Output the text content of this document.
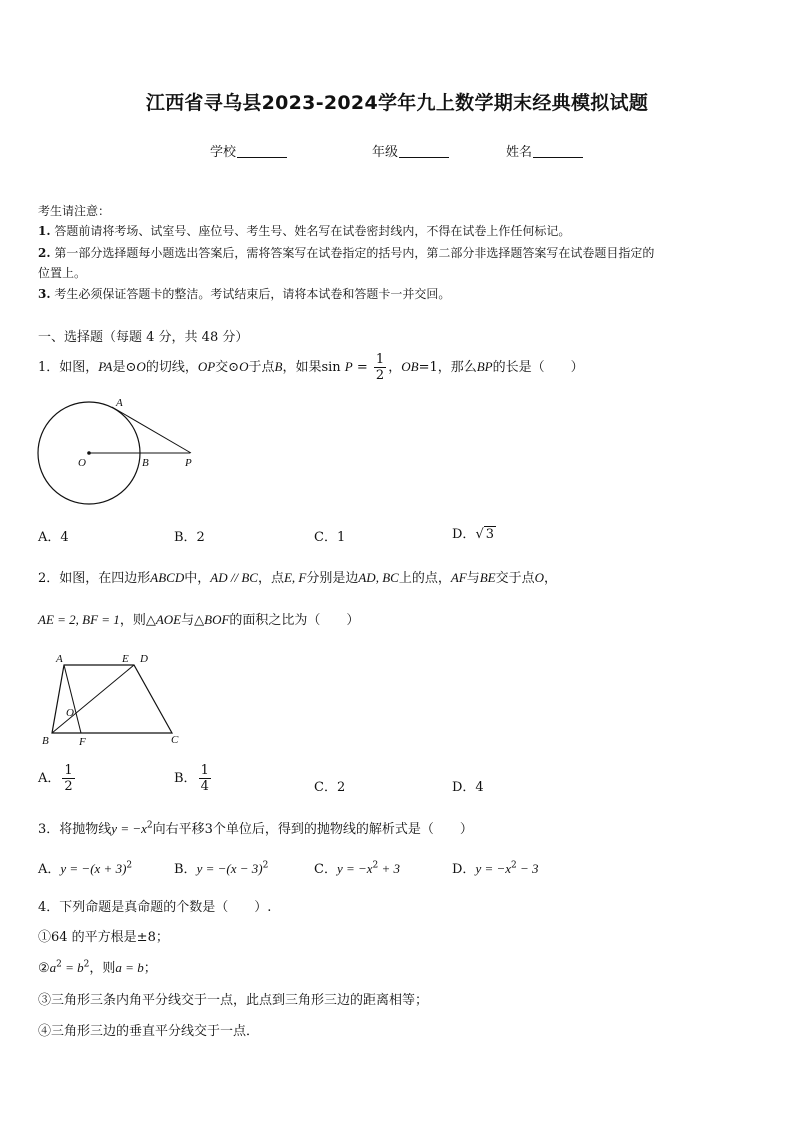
江西省寻乌县2023-2024学年九上数学期末经典模拟试题
学校	年级	姓名
考生请注意：
1. 答题前请将考场、试室号、座位号、考生号、姓名写在试卷密封线内，不得在试卷上作任何标记。
2. 第一部分选择题每小题选出答案后，需将答案写在试卷指定的括号内，第二部分非选择题答案写在试卷题目指定的
位置上。
3. 考生必须保证答题卡的整洁。考试结束后，请将本试卷和答题卡一并交回。
一、选择题（每题 4 分，共 48 分）
1．如图，PA是⊙O的切线，OP交⊙O于点B，如果$\sin P = \frac{1}{2}$ ，OB=1，那么BP的长是（　　）
A
O	B	P
A．4	B．2	C．1	D．√ 3
2．如图，在四边形ABCD中，AD // BC，点E, F分别是边AD, BC上的点，AF与BE交于点O，
AE = 2, BF = 1，则△AOE与△BOF的面积之比为（　　）
A	E D
O
B	F	C
A． $\frac{1}{2}$	B． $\frac{1}{4}$	C．2	D．4
3．将抛物线$y = -x^2$向右平移3个单位后，得到的抛物线的解析式是（　　）
A．$y = -(x + 3)^2$	B．$y = -(x - 3)^2$	C．$y = -x^2 + 3$	D．$y = -x^2 - 3$
4．下列命题是真命题的个数是（　　）.
①64 的平方根是±8；
$②a^2 = b^2$，则a = b；
③三角形三条内角平分线交于一点，此点到三角形三边的距离相等；
④三角形三边的垂直平分线交于一点．
